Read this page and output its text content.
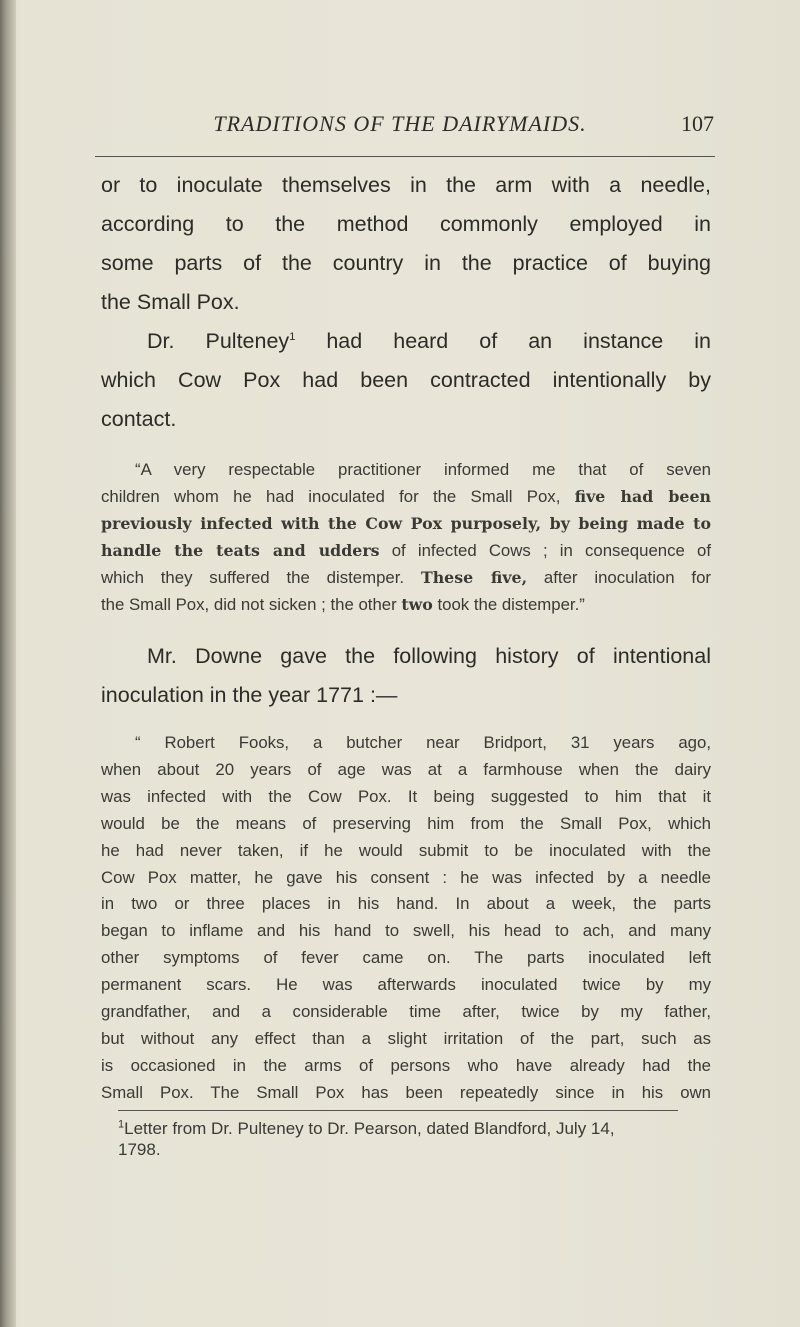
TRADITIONS OF THE DAIRYMAIDS.	107
or to inoculate themselves in the arm with a needle,
according to the method commonly employed in
some parts of the country in the practice of buying
the Small Pox.
Dr. Pulteney$^1$ had heard of an instance in
which Cow Pox had been contracted intentionally by
contact.
“A very respectable practitioner informed me that of seven
children whom he had inoculated for the Small Pox, five had been
previously infected with the Cow Pox purposely, by being made to
handle the teats and udders of infected Cows ; in consequence of
which they suffered the distemper. These five, after inoculation for
the Small Pox, did not sicken ; the other two took the distemper.”
Mr. Downe gave the following history of intentional
inoculation in the year 1771 :—
“ Robert Fooks, a butcher near Bridport, 31 years ago,
when about 20 years of age was at a farmhouse when the dairy
was infected with the Cow Pox. It being suggested to him that it
would be the means of preserving him from the Small Pox, which
he had never taken, if he would submit to be inoculated with the
Cow Pox matter, he gave his consent : he was infected by a needle
in two or three places in his hand. In about a week, the parts
began to inflame and his hand to swell, his head to ach, and many
other symptoms of fever came on. The parts inoculated left
permanent scars. He was afterwards inoculated twice by my
grandfather, and a considerable time after, twice by my father,
but without any effect than a slight irritation of the part, such as
is occasioned in the arms of persons who have already had the
Small Pox. The Small Pox has been repeatedly since in his own
$^1$Letter from Dr. Pulteney to Dr. Pearson, dated Blandford, July 14,
1798.
